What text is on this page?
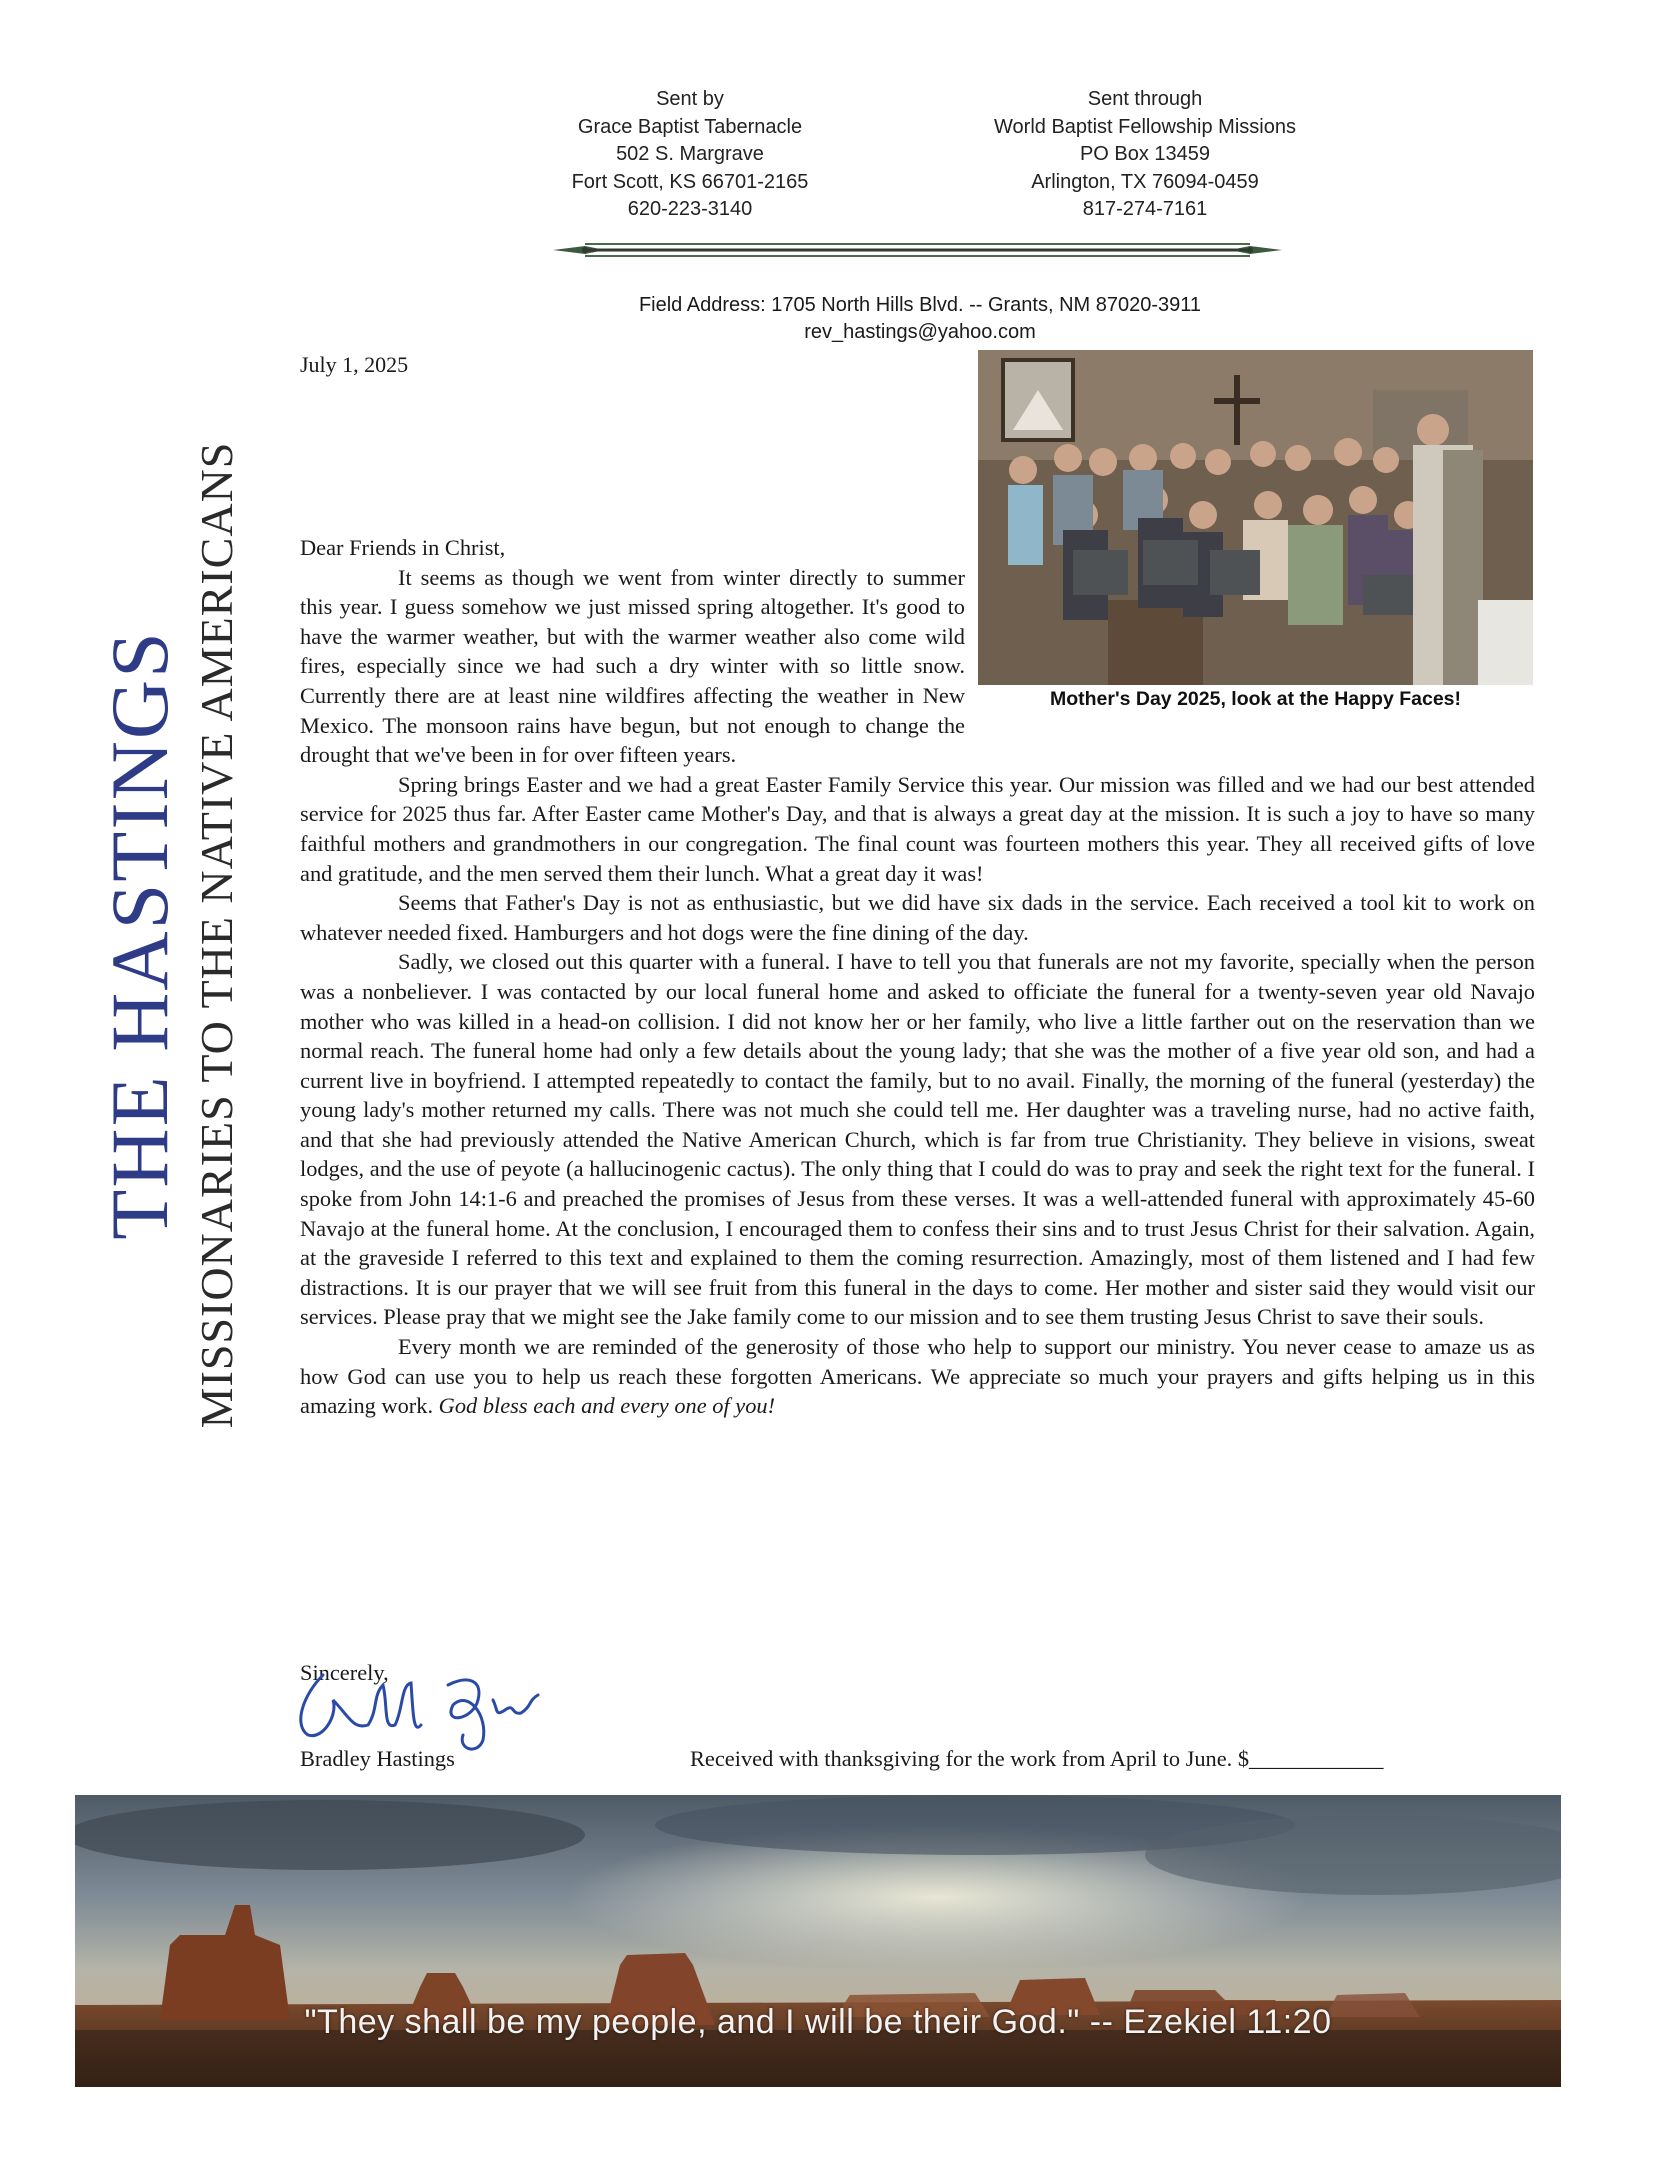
Sent by
Grace Baptist Tabernacle
502 S. Margrave
Fort Scott, KS 66701-2165
620-223-3140
Sent through
World Baptist Fellowship Missions
PO Box 13459
Arlington, TX 76094-0459
817-274-7161
Field Address: 1705 North Hills Blvd. -- Grants, NM 87020-3911
rev_hastings@yahoo.com
THE HASTINGS MISSIONARIES TO THE NATIVE AMERICANS
July 1, 2025
Mother's Day 2025, look at the Happy Faces!

Dear Friends in Christ,

It seems as though we went from winter directly to summer this year. I guess somehow we just missed spring altogether. It's good to have the warmer weather, but with the warmer weather also come wild fires, especially since we had such a dry winter with so little snow. Currently there are at least nine wildfires affecting the weather in New Mexico. The monsoon rains have begun, but not enough to change the drought that we've been in for over fifteen years.

Spring brings Easter and we had a great Easter Family Service this year. Our mission was filled and we had our best attended service for 2025 thus far. After Easter came Mother's Day, and that is always a great day at the mission. It is such a joy to have so many faithful mothers and grandmothers in our congregation. The final count was fourteen mothers this year. They all received gifts of love and gratitude, and the men served them their lunch. What a great day it was!

Seems that Father's Day is not as enthusiastic, but we did have six dads in the service. Each received a tool kit to work on whatever needed fixed. Hamburgers and hot dogs were the fine dining of the day.

Sadly, we closed out this quarter with a funeral. I have to tell you that funerals are not my favorite, specially when the person was a nonbeliever. I was contacted by our local funeral home and asked to officiate the funeral for a twenty-seven year old Navajo mother who was killed in a head-on collision. I did not know her or her family, who live a little farther out on the reservation than we normal reach. The funeral home had only a few details about the young lady; that she was the mother of a five year old son, and had a current live in boyfriend. I attempted repeatedly to contact the family, but to no avail. Finally, the morning of the funeral (yesterday) the young lady's mother returned my calls. There was not much she could tell me. Her daughter was a traveling nurse, had no active faith, and that she had previously attended the Native American Church, which is far from true Christianity. They believe in visions, sweat lodges, and the use of peyote (a hallucinogenic cactus). The only thing that I could do was to pray and seek the right text for the funeral. I spoke from John 14:1-6 and preached the promises of Jesus from these verses. It was a well-attended funeral with approximately 45-60 Navajo at the funeral home. At the conclusion, I encouraged them to confess their sins and to trust Jesus Christ for their salvation. Again, at the graveside I referred to this text and explained to them the coming resurrection. Amazingly, most of them listened and I had few distractions. It is our prayer that we will see fruit from this funeral in the days to come. Her mother and sister said they would visit our services. Please pray that we might see the Jake family come to our mission and to see them trusting Jesus Christ to save their souls.

Every month we are reminded of the generosity of those who help to support our ministry. You never cease to amaze us as how God can use you to help us reach these forgotten Americans. We appreciate so much your prayers and gifts helping us in this amazing work. God bless each and every one of you!

Sincerely,
Bradley Hastings	Received with thanksgiving for the work from April to June. $____________
"They shall be my people, and I will be their God." -- Ezekiel 11:20
